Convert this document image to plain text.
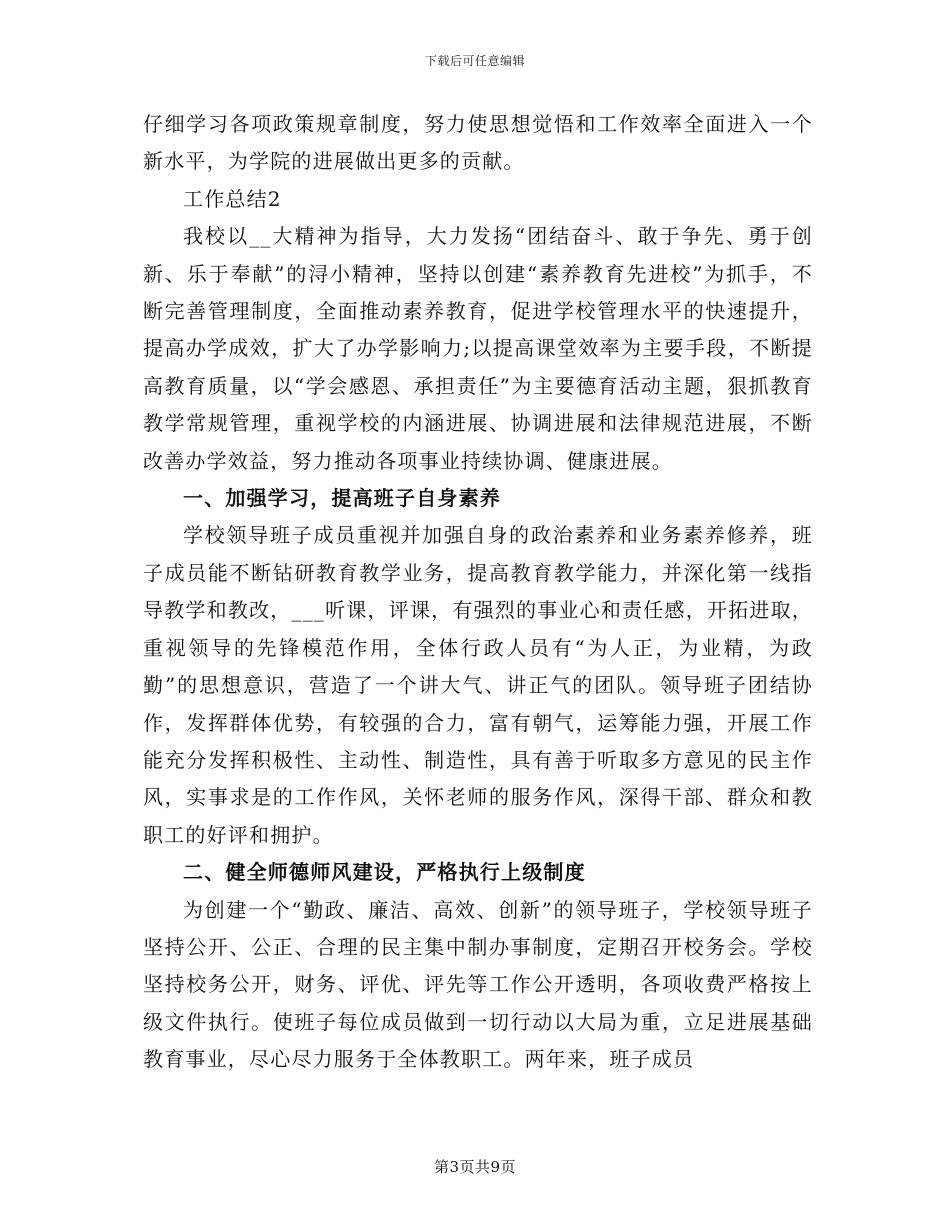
下载后可任意编辑

仔细学习各项政策规章制度，努力使思想觉悟和工作效率全面进入一个新水平，为学院的进展做出更多的贡献。

工作总结2

我校以__大精神为指导，大力发扬“团结奋斗、敢于争先、勇于创新、乐于奉献”的浔小精神，坚持以创建“素养教育先进校”为抓手，不断完善管理制度，全面推动素养教育，促进学校管理水平的快速提升，提高办学成效，扩大了办学影响力;以提高课堂效率为主要手段，不断提高教育质量，以“学会感恩、承担责任”为主要德育活动主题，狠抓教育教学常规管理，重视学校的内涵进展、协调进展和法律规范进展，不断改善办学效益，努力推动各项事业持续协调、健康进展。

一、加强学习，提高班子自身素养

学校领导班子成员重视并加强自身的政治素养和业务素养修养，班子成员能不断钻研教育教学业务，提高教育教学能力，并深化第一线指导教学和教改，___听课，评课，有强烈的事业心和责任感，开拓进取，重视领导的先锋模范作用，全体行政人员有“为人正，为业精，为政勤”的思想意识，营造了一个讲大气、讲正气的团队。领导班子团结协作，发挥群体优势，有较强的合力，富有朝气，运筹能力强，开展工作能充分发挥积极性、主动性、制造性，具有善于听取多方意见的民主作风，实事求是的工作作风，关怀老师的服务作风，深得干部、群众和教职工的好评和拥护。

二、健全师德师风建设，严格执行上级制度

为创建一个“勤政、廉洁、高效、创新”的领导班子，学校领导班子坚持公开、公正、合理的民主集中制办事制度，定期召开校务会。学校坚持校务公开，财务、评优、评先等工作公开透明，各项收费严格按上级文件执行。使班子每位成员做到一切行动以大局为重，立足进展基础教育事业，尽心尽力服务于全体教职工。两年来，班子成员

第3页共9页
